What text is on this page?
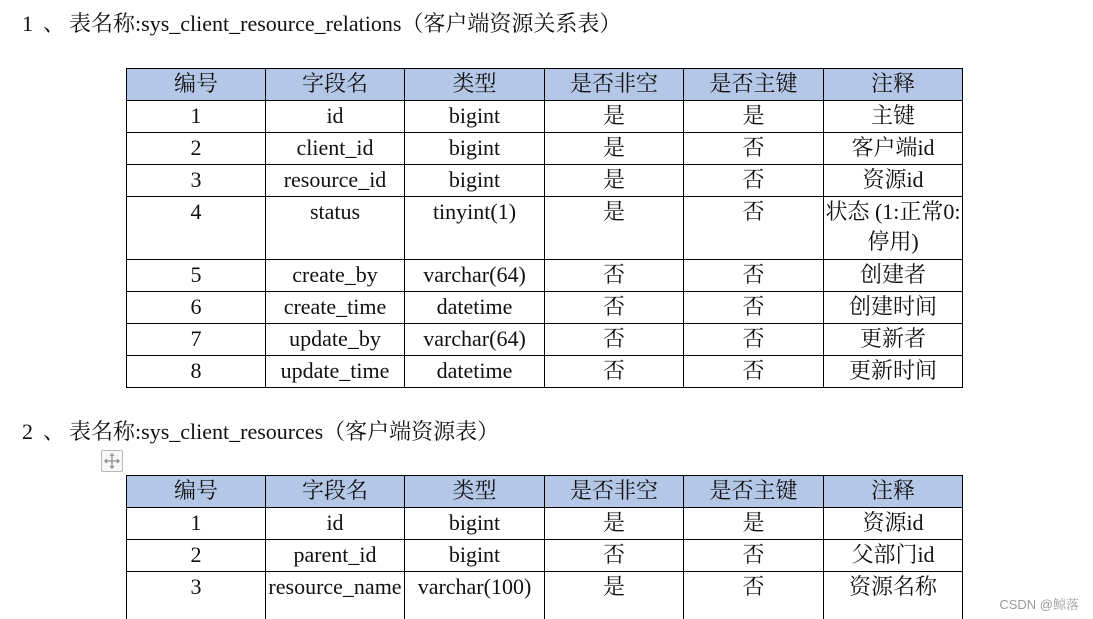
1 、 表名称:sys_client_resource_relations（客户端资源关系表）
编号	字段名	类型	是否非空	是否主键	注释
1	id	bigint	是	是	主键
2	client_id	bigint	是	否	客户端id
3	resource_id	bigint	是	否	资源id
4	status	tinyint(1)	是	否	状态 (1:正常0:停用)
5	create_by	varchar(64)	否	否	创建者
6	create_time	datetime	否	否	创建时间
7	update_by	varchar(64)	否	否	更新者
8	update_time	datetime	否	否	更新时间
2 、 表名称:sys_client_resources（客户端资源表）
编号	字段名	类型	是否非空	是否主键	注释
1	id	bigint	是	是	资源id
2	parent_id	bigint	否	否	父部门id
3	resource_name	varchar(100)	是	否	资源名称
CSDN @鲸落
